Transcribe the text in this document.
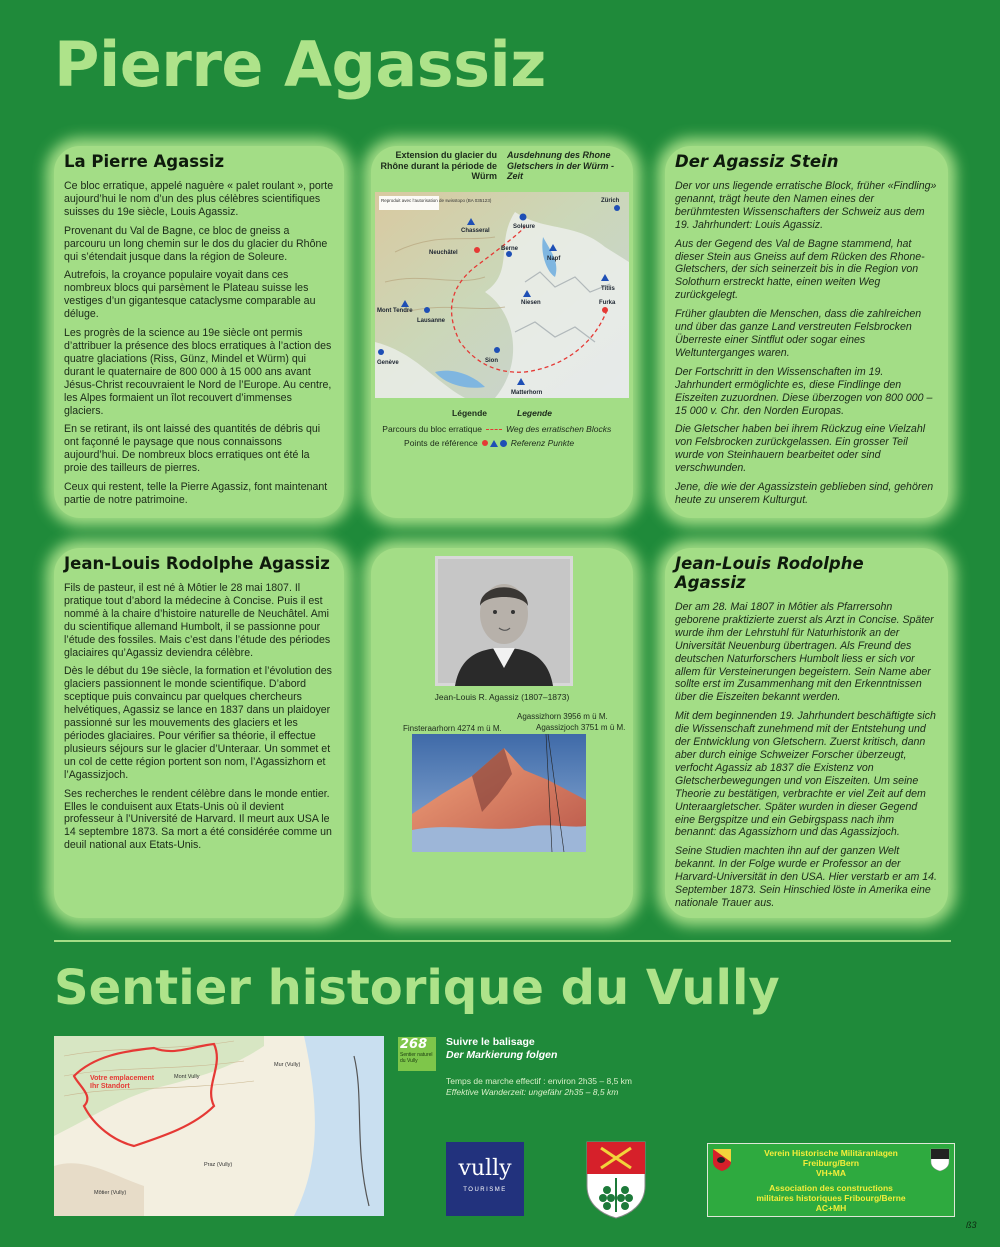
Pierre Agassiz
La Pierre Agassiz

Ce bloc erratique, appelé naguère « palet roulant », porte aujourd’hui le nom d’un des plus célèbres scientifiques suisses du 19e siècle, Louis Agassiz.

Provenant du Val de Bagne, ce bloc de gneiss a parcouru un long chemin sur le dos du glacier du Rhône qui s’étendait jusque dans la région de Soleure.

Autrefois, la croyance populaire voyait dans ces nombreux blocs qui parsèment le Plateau suisse les vestiges d’un gigantesque cataclysme comparable au déluge.

Les progrès de la science au 19e siècle ont permis d’attribuer la présence des blocs erratiques à l’action des quatre glaciations (Riss, Günz, Mindel et Würm) qui durant le quaternaire de 800 000 à 15 000 ans avant Jésus-Christ recouvraient le Nord de l’Europe. Au centre, les Alpes formaient un îlot recouvert d’immenses glaciers.

En se retirant, ils ont laissé des quantités de débris qui ont façonné le paysage que nous connaissons aujourd’hui. De nombreux blocs erratiques ont été la proie des tailleurs de pierres.

Ceux qui restent, telle la Pierre Agassiz, font maintenant partie de notre patrimoine.

Extension du glacier du Rhône durant la période de Würm
Ausdehnung des Rhone Gletschers in der Würm - Zeit
Reproduit avec l’autorisation de swisstopo (BA 035123)
Chasseral
Soleure
Zürich
Berne
Napf
Neuchâtel
Titlis
Furka
Niesen
Mont Tendre
Lausanne
Genève	Sion
Matterhorn
Légende	Legende
Parcours du bloc erratique	Weg des erratischen Blocks
Points de référence	Referenz Punkte
Der Agassiz Stein

Der vor uns liegende erratische Block, früher «Findling» genannt, trägt heute den Namen eines der berühmtesten Wissenschafters der Schweiz aus dem 19. Jahrhundert: Louis Agassiz.

Aus der Gegend des Val de Bagne stammend, hat dieser Stein aus Gneiss auf dem Rücken des Rhone-Gletschers, der sich seinerzeit bis in die Region von Solothurn erstreckt hatte, einen weiten Weg zurückgelegt.

Früher glaubten die Menschen, dass die zahlreichen und über das ganze Land verstreuten Felsbrocken Überreste einer Sintflut oder sogar eines Weltunterganges waren.

Der Fortschritt in den Wissenschaften im 19. Jahrhundert ermöglichte es, diese Findlinge den Eiszeiten zuzuordnen. Diese überzogen von 800 000 – 15 000 v. Chr. den Norden Europas.

Die Gletscher haben bei ihrem Rückzug eine Vielzahl von Felsbrocken zurückgelassen. Ein grosser Teil wurde von Steinhauern bearbeitet oder sind verschwunden.

Jene, die wie der Agassizstein geblieben sind, gehören heute zu unserem Kulturgut.

Jean-Louis Rodolphe Agassiz

Fils de pasteur, il est né à Môtier le 28 mai 1807. Il pratique tout d’abord la médecine à Concise. Puis il est nommé à la chaire d’histoire naturelle de Neuchâtel. Ami du scientifique allemand Humbolt, il se passionne pour l’étude des fossiles. Mais c’est dans l’étude des périodes glaciaires qu’Agassiz deviendra célèbre.

Dès le début du 19e siècle, la formation et l’évolution des glaciers passionnent le monde scientifique. D’abord sceptique puis convaincu par quelques chercheurs helvétiques, Agassiz se lance en 1837 dans un plaidoyer passionné sur les mouvements des glaciers et les périodes glaciaires. Pour vérifier sa théorie, il effectue plusieurs séjours sur le glacier d’Unteraar. Un sommet et un col de cette région portent son nom, l’Agassizhorn et l’Agassizjoch.

Ses recherches le rendent célèbre dans le monde entier. Elles le conduisent aux Etats-Unis où il devient professeur à l’Université de Harvard. Il meurt aux USA le 14 septembre 1873. Sa mort a été considérée comme un deuil national aux Etats-Unis.

Jean-Louis R. Agassiz (1807–1873)
Agassizhorn 3956 m ü M.
Agassizjoch 3751 m ü M.
Finsteraarhorn 4274 m ü M.
Jean-Louis Rodolphe Agassiz

Der am 28. Mai 1807 in Môtier als Pfarrersohn geborene praktizierte zuerst als Arzt in Concise. Später wurde ihm der Lehrstuhl für Naturhistorik an der Universität Neuenburg übertragen. Als Freund des deutschen Naturforschers Humbolt liess er sich vor allem für Versteinerungen begeistern. Sein Name aber sollte erst im Zusammenhang mit den Erkenntnissen über die Eiszeiten bekannt werden.

Mit dem beginnenden 19. Jahrhundert beschäftigte sich die Wissenschaft zunehmend mit der Entstehung und der Entwicklung von Gletschern. Zuerst kritisch, dann aber durch einige Schweizer Forscher überzeugt, verfocht Agassiz ab 1837 die Existenz von Gletscherbewegungen und von Eiszeiten. Um seine Theorie zu bestätigen, verbrachte er viel Zeit auf dem Unteraargletscher. Später wurden in dieser Gegend eine Bergspitze und ein Gebirgspass nach ihm benannt: das Agassizhorn und das Agassizjoch.

Seine Studien machten ihn auf der ganzen Welt bekannt. In der Folge wurde er Professor an der Harvard-Universität in den USA. Hier verstarb er am 14. September 1873. Sein Hinschied löste in Amerika eine nationale Trauer aus.

Sentier historique du Vully
Votre emplacement
Ihr Standort
Mont Vully
Mur (Vully)
Praz (Vully)
Môtier (Vully)
268
Sentier naturel du Vully
Suivre le balisage
Der Markierung folgen
Temps de marche effectif : environ 2h35 – 8,5 km
Effektive Wanderzeit: ungefähr 2h35 – 8,5 km
vully
TOURISME
Verein Historische Militäranlagen
Freiburg/Bern
VH+MA
Association des constructions
militaires historiques Fribourg/Berne
AC+MH
ß3
